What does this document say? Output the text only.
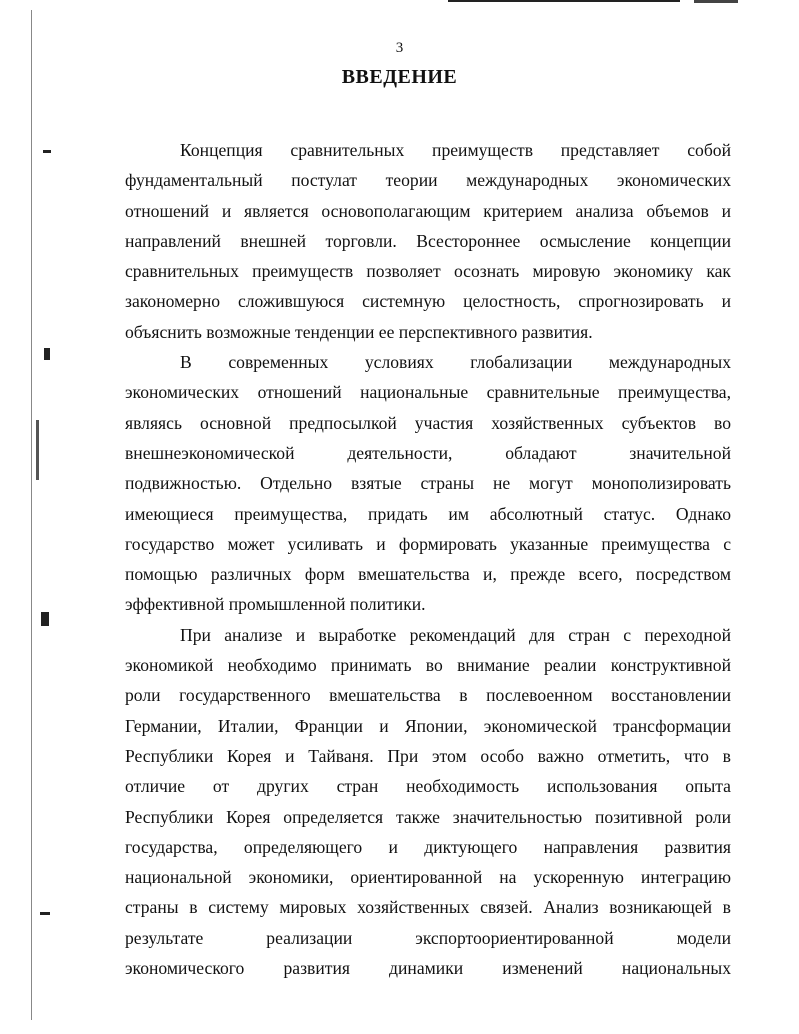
3
ВВЕДЕНИЕ
Концепция сравнительных преимуществ представляет собой
фундаментальный постулат теории международных экономических
отношений и является основополагающим критерием анализа объемов и
направлений внешней торговли. Всестороннее осмысление концепции
сравнительных преимуществ позволяет осознать мировую экономику как
закономерно сложившуюся системную целостность, спрогнозировать и
объяснить возможные тенденции ее перспективного развития.
В современных условиях глобализации международных
экономических отношений национальные сравнительные преимущества,
являясь основной предпосылкой участия хозяйственных субъектов во
внешнеэкономической деятельности, обладают значительной
подвижностью. Отдельно взятые страны не могут монополизировать
имеющиеся преимущества, придать им абсолютный статус. Однако
государство может усиливать и формировать указанные преимущества с
помощью различных форм вмешательства и, прежде всего, посредством
эффективной промышленной политики.
При анализе и выработке рекомендаций для стран с переходной
экономикой необходимо принимать во внимание реалии конструктивной
роли государственного вмешательства в послевоенном восстановлении
Германии, Италии, Франции и Японии, экономической трансформации
Республики Корея и Тайваня. При этом особо важно отметить, что в
отличие от других стран необходимость использования опыта
Республики Корея определяется также значительностью позитивной роли
государства, определяющего и диктующего направления развития
национальной экономики, ориентированной на ускоренную интеграцию
страны в систему мировых хозяйственных связей. Анализ возникающей в
результате реализации экспортоориентированной модели
экономического развития динамики изменений национальных
